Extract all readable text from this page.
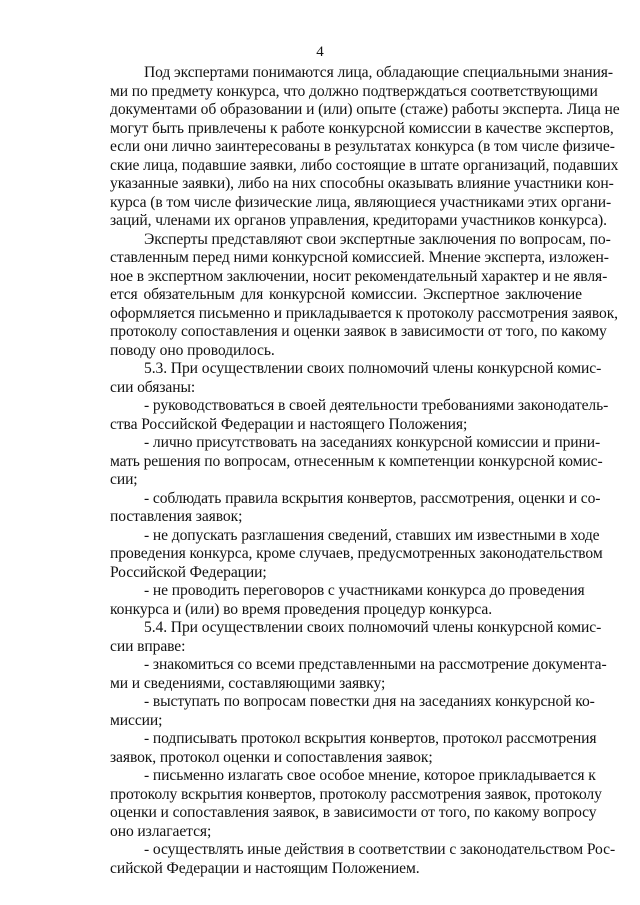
4
Под экспертами понимаются лица, обладающие специальными знания-
ми по предмету конкурса, что должно подтверждаться соответствующими
документами об образовании и (или) опыте (стаже) работы эксперта. Лица не
могут быть привлечены к работе конкурсной комиссии в качестве экспертов,
если они лично заинтересованы в результатах конкурса (в том числе физиче-
ские лица, подавшие заявки, либо состоящие в штате организаций, подавших
указанные заявки), либо на них способны оказывать влияние участники кон-
курса (в том числе физические лица, являющиеся участниками этих органи-
заций, членами их органов управления, кредиторами участников конкурса).
Эксперты представляют свои экспертные заключения по вопросам, по-
ставленным перед ними конкурсной комиссией. Мнение эксперта, изложен-
ное в экспертном заключении, носит рекомендательный характер и не явля-
ется обязательным для конкурсной комиссии. Экспертное заключение
оформляется письменно и прикладывается к протоколу рассмотрения заявок,
протоколу сопоставления и оценки заявок в зависимости от того, по какому
поводу оно проводилось.
5.3. При осуществлении своих полномочий члены конкурсной комис-
сии обязаны:
- руководствоваться в своей деятельности требованиями законодатель-
ства Российской Федерации и настоящего Положения;
- лично присутствовать на заседаниях конкурсной комиссии и прини-
мать решения по вопросам, отнесенным к компетенции конкурсной комис-
сии;
- соблюдать правила вскрытия конвертов, рассмотрения, оценки и со-
поставления заявок;
- не допускать разглашения сведений, ставших им известными в ходе
проведения конкурса, кроме случаев, предусмотренных законодательством
Российской Федерации;
- не проводить переговоров с участниками конкурса до проведения
конкурса и (или) во время проведения процедур конкурса.
5.4. При осуществлении своих полномочий члены конкурсной комис-
сии вправе:
- знакомиться со всеми представленными на рассмотрение документа-
ми и сведениями, составляющими заявку;
- выступать по вопросам повестки дня на заседаниях конкурсной ко-
миссии;
- подписывать протокол вскрытия конвертов, протокол рассмотрения
заявок, протокол оценки и сопоставления заявок;
- письменно излагать свое особое мнение, которое прикладывается к
протоколу вскрытия конвертов, протоколу рассмотрения заявок, протоколу
оценки и сопоставления заявок, в зависимости от того, по какому вопросу
оно излагается;
- осуществлять иные действия в соответствии с законодательством Рос-
сийской Федерации и настоящим Положением.
